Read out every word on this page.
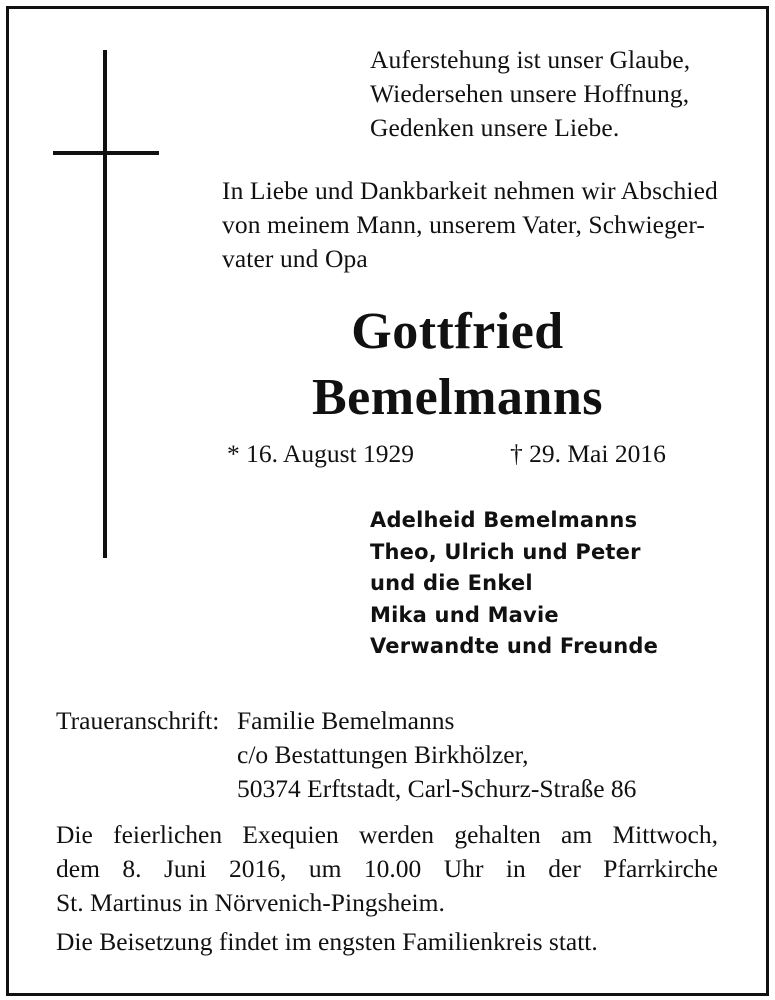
Auferstehung ist unser Glaube,
Wiedersehen unsere Hoffnung,
Gedenken unsere Liebe.
In Liebe und Dankbarkeit nehmen wir Abschied
von meinem Mann, unserem Vater, Schwieger-
vater und Opa
Gottfried
Bemelmanns
* 16. August 1929	† 29. Mai 2016
Adelheid Bemelmanns
Theo, Ulrich und Peter
und die Enkel
Mika und Mavie
Verwandte und Freunde
Traueranschrift: Familie Bemelmanns
c/o Bestattungen Birkhölzer,
50374 Erftstadt, Carl-Schurz-Straße 86
Die feierlichen Exequien werden gehalten am Mittwoch,
dem 8. Juni 2016, um 10.00 Uhr in der Pfarrkirche
St. Martinus in Nörvenich-Pingsheim.
Die Beisetzung findet im engsten Familienkreis statt.
